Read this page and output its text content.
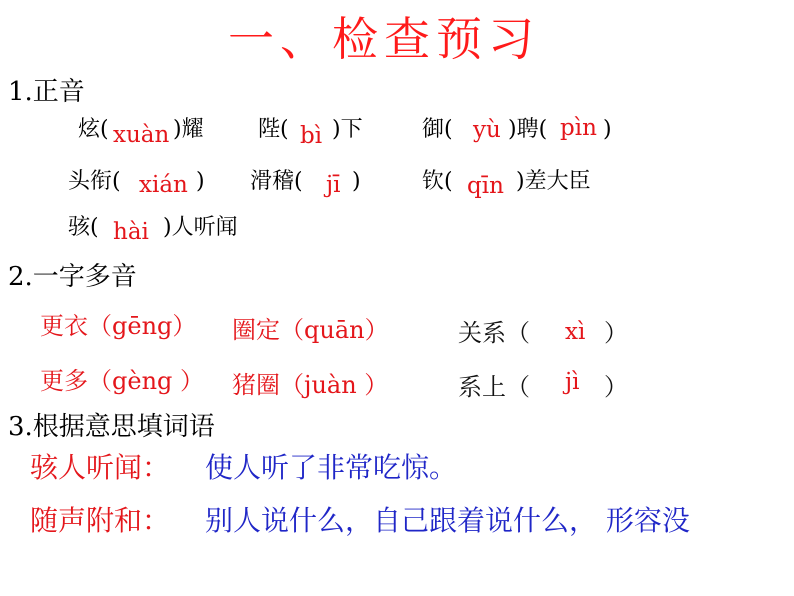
一、检查预习
1.正音
炫( xuàn )耀 陛( bì )下	御( yù )聘( pìn )
头衔( xián ) 滑稽( jī )	钦( qīn )差大臣
骇( hài )人听闻
2.一字多音
更衣（gēng） 圈定（quān）	关系（ xì ）
更多（gèng ） 猪圈（juàn ）	系上（ jì ）
3.根据意思填词语
骇人听闻： 使人听了非常吃惊。
随声附和： 别人说什么，自己跟着说什么， 形容没
